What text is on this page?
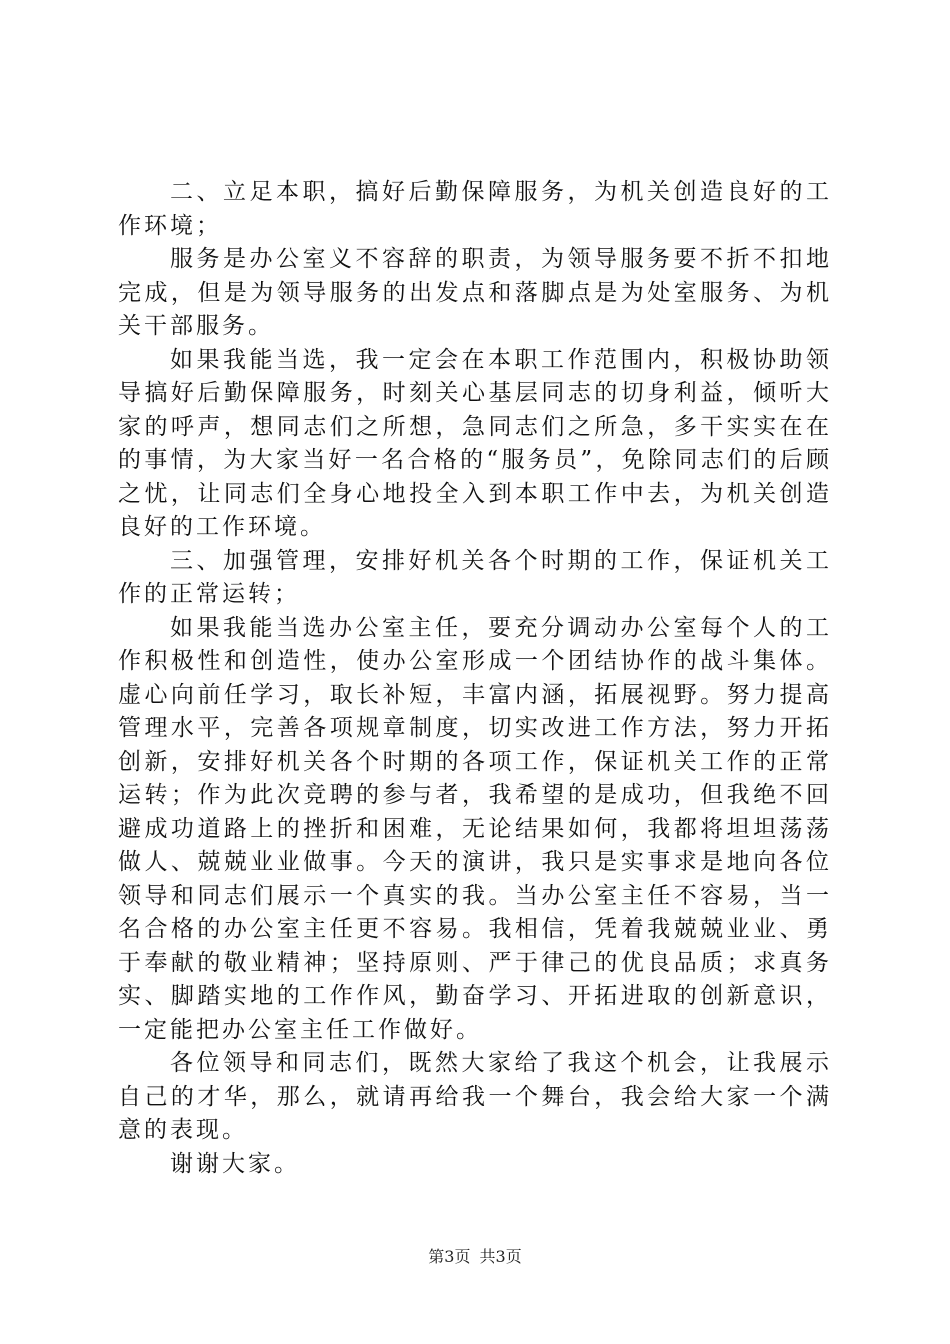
二、立足本职，搞好后勤保障服务，为机关创造良好的工作环境；

服务是办公室义不容辞的职责，为领导服务要不折不扣地完成，但是为领导服务的出发点和落脚点是为处室服务、为机关干部服务。

如果我能当选，我一定会在本职工作范围内，积极协助领导搞好后勤保障服务，时刻关心基层同志的切身利益，倾听大家的呼声，想同志们之所想，急同志们之所急，多干实实在在的事情，为大家当好一名合格的“服务员”，免除同志们的后顾之忧，让同志们全身心地投全入到本职工作中去，为机关创造良好的工作环境。

三、加强管理，安排好机关各个时期的工作，保证机关工作的正常运转；

如果我能当选办公室主任，要充分调动办公室每个人的工作积极性和创造性，使办公室形成一个团结协作的战斗集体。虚心向前任学习，取长补短，丰富内涵，拓展视野。努力提高管理水平，完善各项规章制度，切实改进工作方法，努力开拓创新，安排好机关各个时期的各项工作，保证机关工作的正常运转；作为此次竞聘的参与者，我希望的是成功，但我绝不回避成功道路上的挫折和困难，无论结果如何，我都将坦坦荡荡做人、兢兢业业做事。今天的演讲，我只是实事求是地向各位领导和同志们展示一个真实的我。当办公室主任不容易，当一名合格的办公室主任更不容易。我相信，凭着我兢兢业业、勇于奉献的敬业精神；坚持原则、严于律己的优良品质；求真务实、脚踏实地的工作作风，勤奋学习、开拓进取的创新意识，一定能把办公室主任工作做好。

各位领导和同志们，既然大家给了我这个机会，让我展示自己的才华，那么，就请再给我一个舞台，我会给大家一个满意的表现。

谢谢大家。

第3页 共3页
